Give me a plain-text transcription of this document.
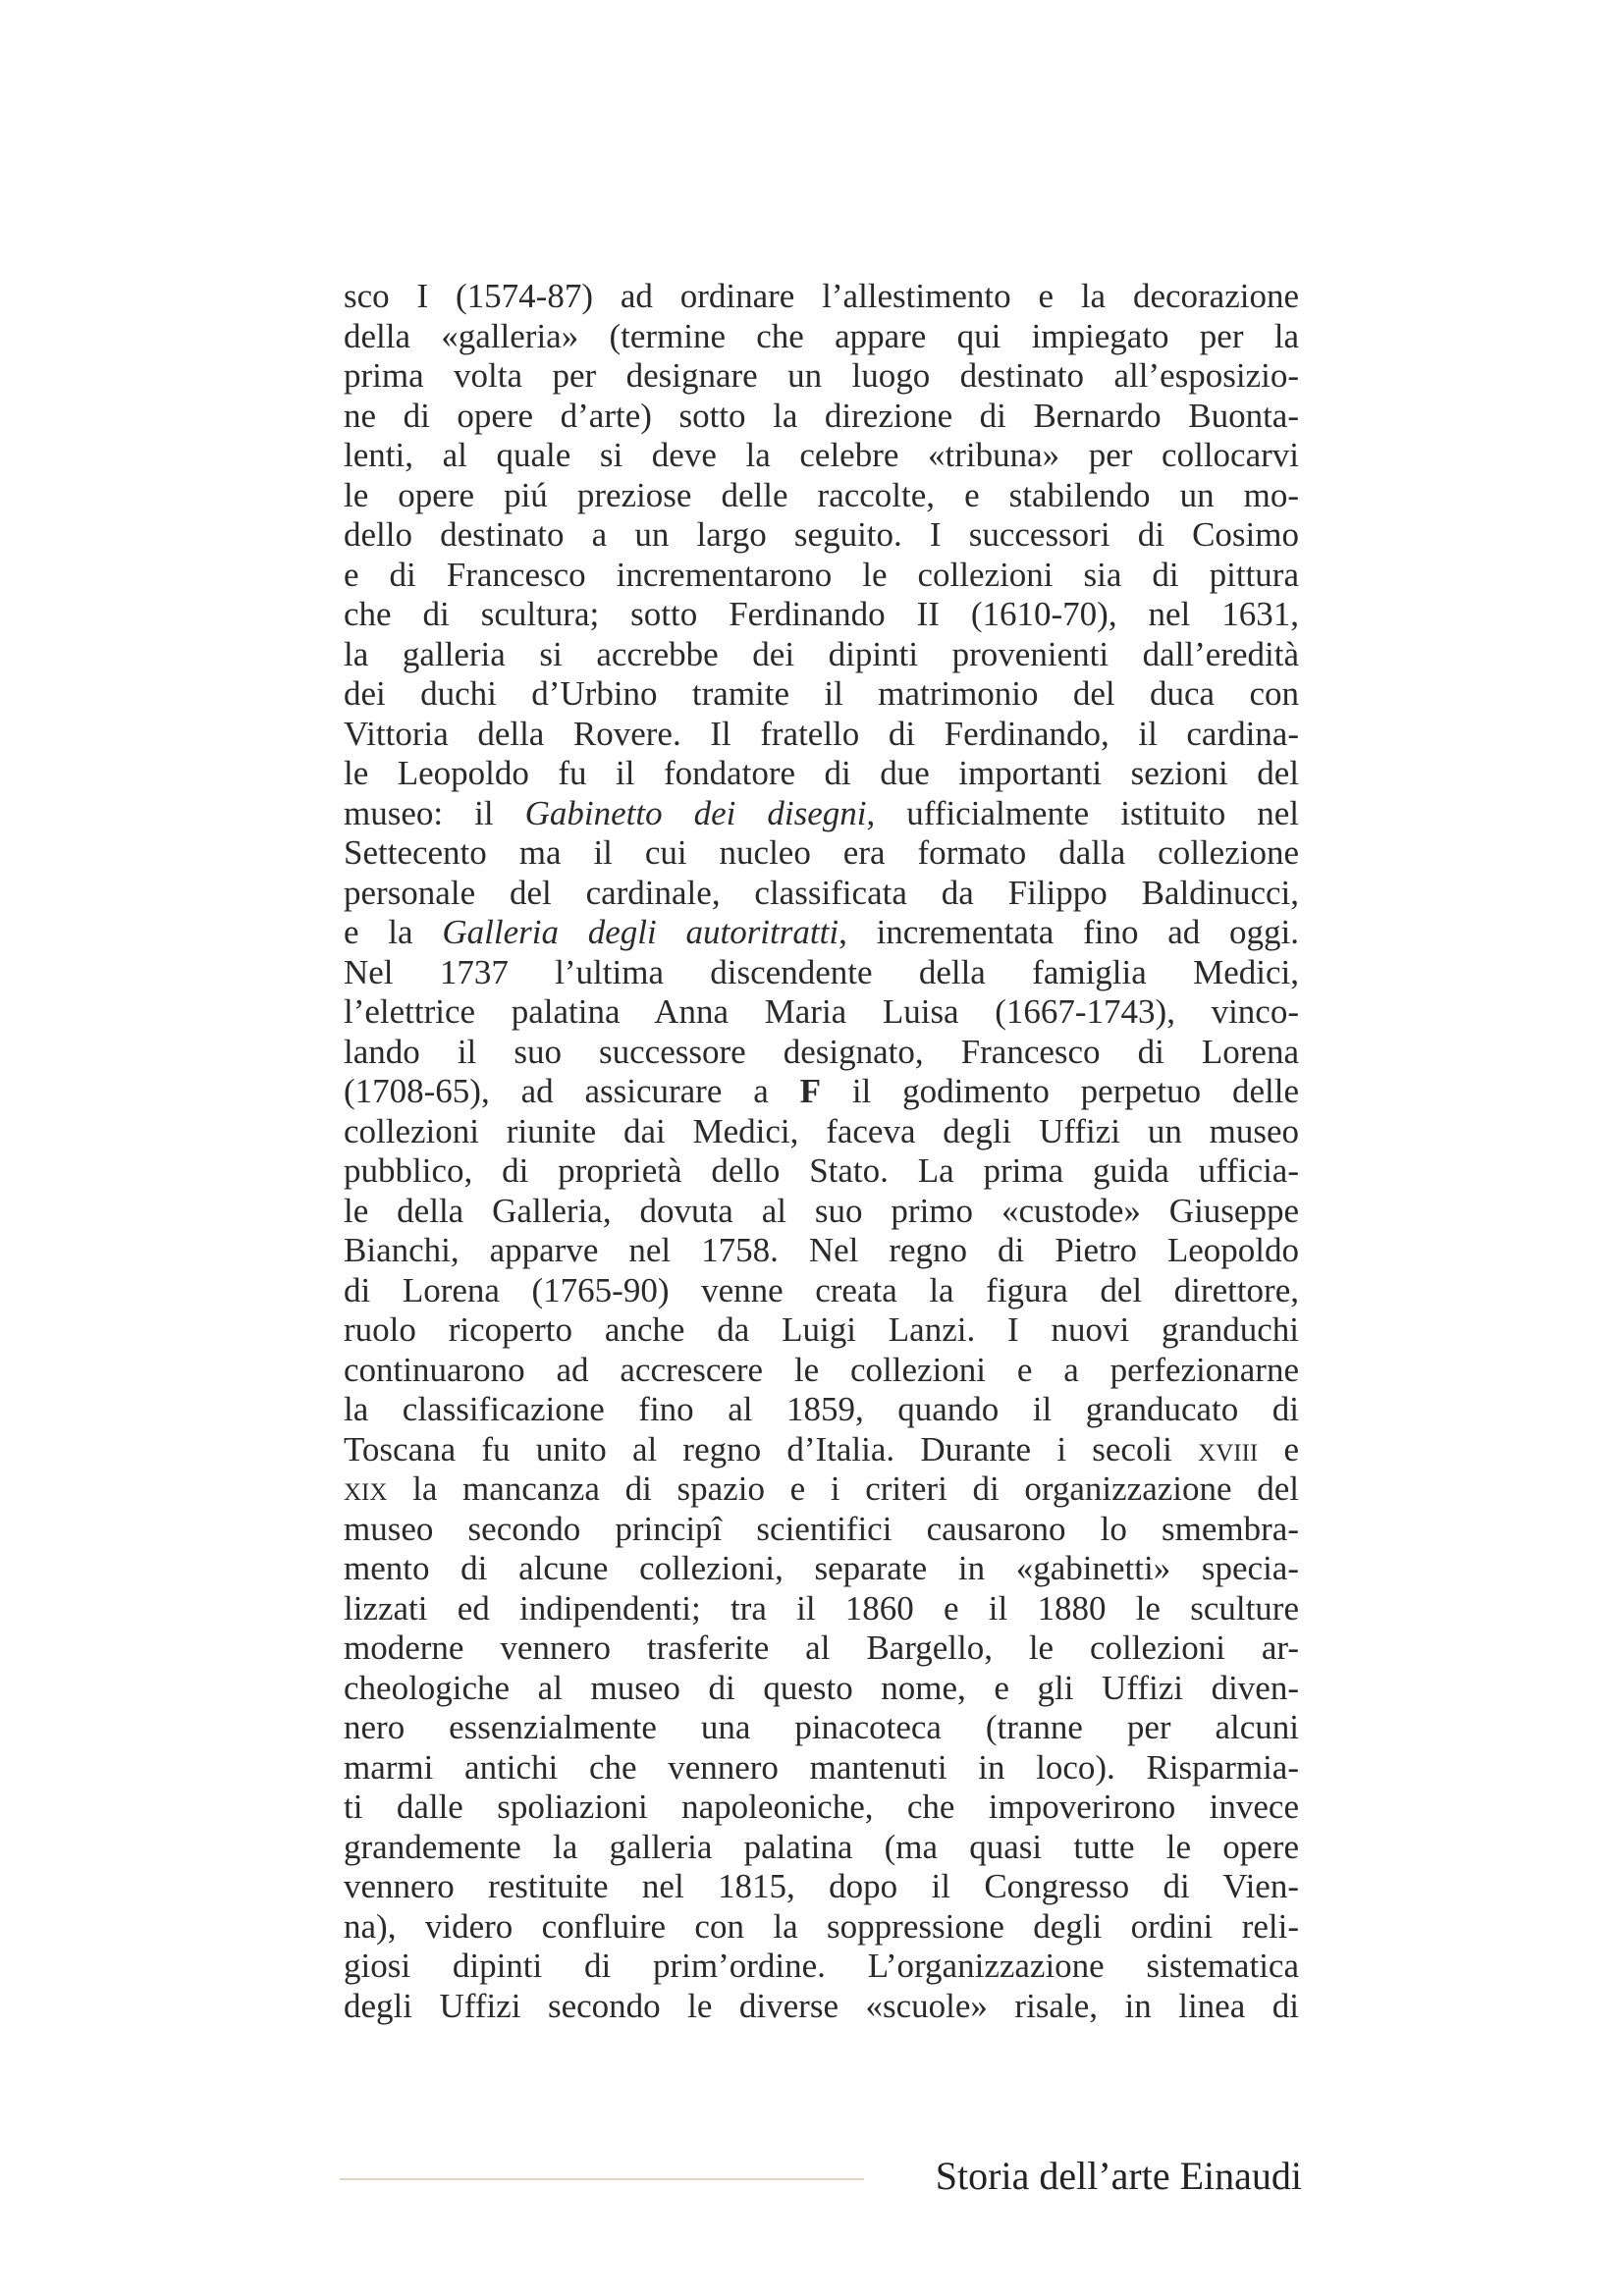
sco I (1574-87) ad ordinare l’allestimento e la decorazione
della «galleria» (termine che appare qui impiegato per la
prima volta per designare un luogo destinato all’esposizio-
ne di opere d’arte) sotto la direzione di Bernardo Buonta-
lenti, al quale si deve la celebre «tribuna» per collocarvi
le opere piú preziose delle raccolte, e stabilendo un mo-
dello destinato a un largo seguito. I successori di Cosimo
e di Francesco incrementarono le collezioni sia di pittura
che di scultura; sotto Ferdinando II (1610-70), nel 1631,
la galleria si accrebbe dei dipinti provenienti dall’eredità
dei duchi d’Urbino tramite il matrimonio del duca con
Vittoria della Rovere. Il fratello di Ferdinando, il cardina-
le Leopoldo fu il fondatore di due importanti sezioni del
museo: il Gabinetto dei disegni, ufficialmente istituito nel
Settecento ma il cui nucleo era formato dalla collezione
personale del cardinale, classificata da Filippo Baldinucci,
e la Galleria degli autoritratti, incrementata fino ad oggi.
Nel 1737 l’ultima discendente della famiglia Medici,
l’elettrice palatina Anna Maria Luisa (1667-1743), vinco-
lando il suo successore designato, Francesco di Lorena
(1708-65), ad assicurare a F il godimento perpetuo delle
collezioni riunite dai Medici, faceva degli Uffizi un museo
pubblico, di proprietà dello Stato. La prima guida ufficia-
le della Galleria, dovuta al suo primo «custode» Giuseppe
Bianchi, apparve nel 1758. Nel regno di Pietro Leopoldo
di Lorena (1765-90) venne creata la figura del direttore,
ruolo ricoperto anche da Luigi Lanzi. I nuovi granduchi
continuarono ad accrescere le collezioni e a perfezionarne
la classificazione fino al 1859, quando il granducato di
Toscana fu unito al regno d’Italia. Durante i secoli xviii e
xix la mancanza di spazio e i criteri di organizzazione del
museo secondo principî scientifici causarono lo smembra-
mento di alcune collezioni, separate in «gabinetti» specia-
lizzati ed indipendenti; tra il 1860 e il 1880 le sculture
moderne vennero trasferite al Bargello, le collezioni ar-
cheologiche al museo di questo nome, e gli Uffizi diven-
nero essenzialmente una pinacoteca (tranne per alcuni
marmi antichi che vennero mantenuti in loco). Risparmia-
ti dalle spoliazioni napoleoniche, che impoverirono invece
grandemente la galleria palatina (ma quasi tutte le opere
vennero restituite nel 1815, dopo il Congresso di Vien-
na), videro confluire con la soppressione degli ordini reli-
giosi dipinti di prim’ordine. L’organizzazione sistematica
degli Uffizi secondo le diverse «scuole» risale, in linea di
Storia dell’arte Einaudi
